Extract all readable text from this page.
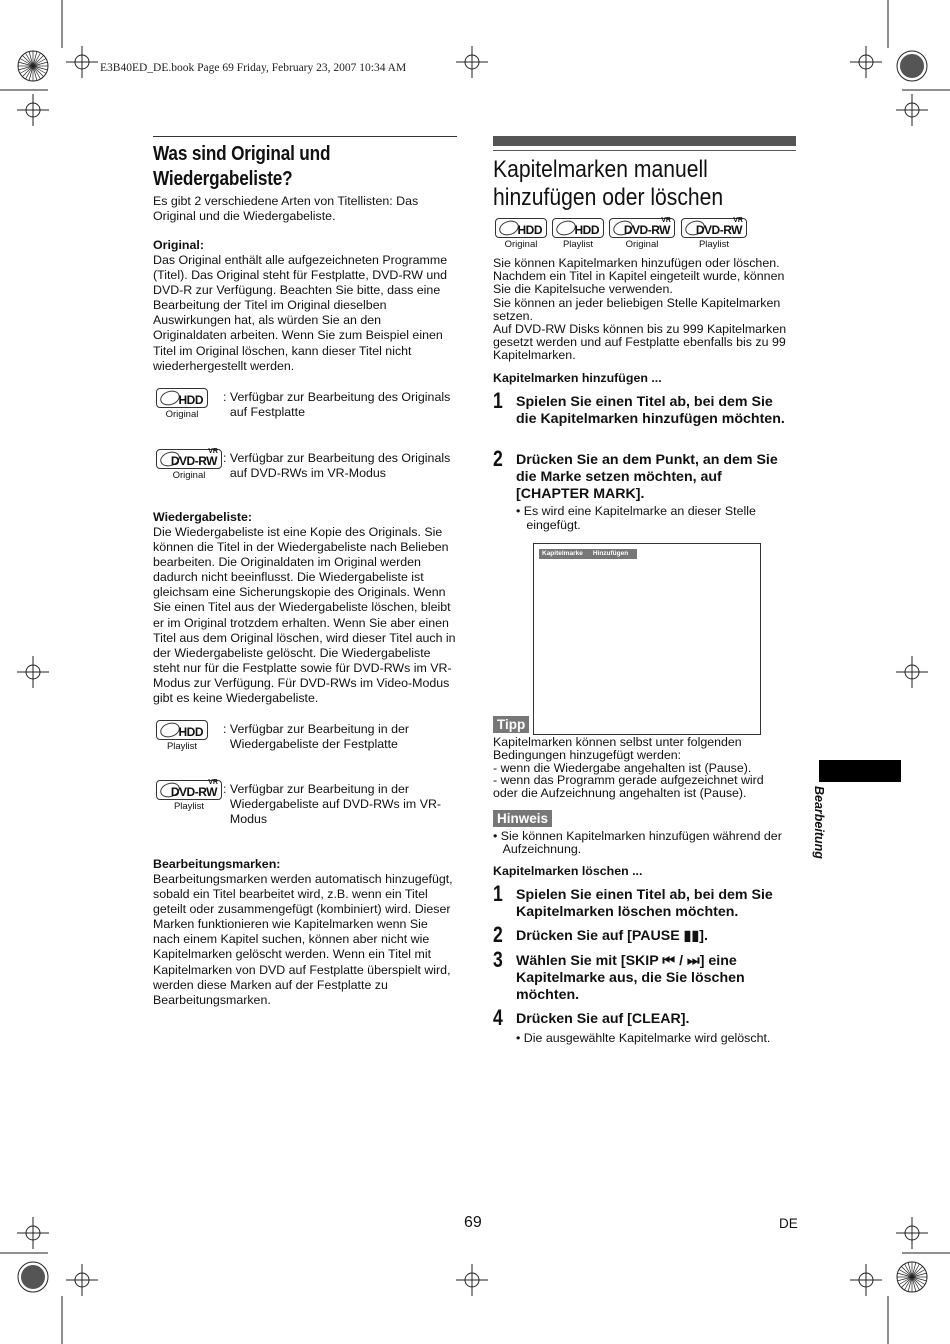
E3B40ED_DE.book Page 69 Friday, February 23, 2007 10:34 AM
Was sind Original und Wiedergabeliste?
Es gibt 2 verschiedene Arten von Titellisten: Das Original und die Wiedergabeliste.
Original:
Das Original enthält alle aufgezeichneten Programme (Titel). Das Original steht für Festplatte, DVD-RW und DVD-R zur Verfügung. Beachten Sie bitte, dass eine Bearbeitung der Titel im Original dieselben Auswirkungen hat, als würden Sie an den Originaldaten arbeiten. Wenn Sie zum Beispiel einen Titel im Original löschen, kann dieser Titel nicht wiederhergestellt werden.
HDD
Original
: Verfügbar zur Bearbeitung des Originals
auf Festplatte
VR
DVD-RW
Original
: Verfügbar zur Bearbeitung des Originals
auf DVD-RWs im VR-Modus
Wiedergabeliste:
Die Wiedergabeliste ist eine Kopie des Originals. Sie können die Titel in der Wiedergabeliste nach Belieben bearbeiten. Die Originaldaten im Original werden dadurch nicht beeinflusst. Die Wiedergabeliste ist gleichsam eine Sicherungskopie des Originals. Wenn Sie einen Titel aus der Wiedergabeliste löschen, bleibt er im Original trotzdem erhalten. Wenn Sie aber einen Titel aus dem Original löschen, wird dieser Titel auch in der Wiedergabeliste gelöscht. Die Wiedergabeliste steht nur für die Festplatte sowie für DVD-RWs im VR-Modus zur Verfügung. Für DVD-RWs im Video-Modus gibt es keine Wiedergabeliste.
HDD
Playlist
: Verfügbar zur Bearbeitung in der
Wiedergabeliste der Festplatte
VR
DVD-RW
Playlist
: Verfügbar zur Bearbeitung in der
Wiedergabeliste auf DVD-RWs im VR-
Modus
Bearbeitungsmarken:
Bearbeitungsmarken werden automatisch hinzugefügt, sobald ein Titel bearbeitet wird, z.B. wenn ein Titel geteilt oder zusammengefügt (kombiniert) wird. Dieser Marken funktionieren wie Kapitelmarken wenn Sie nach einem Kapitel suchen, können aber nicht wie Kapitelmarken gelöscht werden. Wenn ein Titel mit Kapitelmarken von DVD auf Festplatte überspielt wird, werden diese Marken auf der Festplatte zu Bearbeitungsmarken.
Kapitelmarken manuell hinzufügen oder löschen
HDD
Original
HDD
Playlist
VR
DVD-RW
Original
VR
DVD-RW
Playlist
Sie können Kapitelmarken hinzufügen oder löschen. Nachdem ein Titel in Kapitel eingeteilt wurde, können Sie die Kapitelsuche verwenden.
Sie können an jeder beliebigen Stelle Kapitelmarken setzen.
Auf DVD-RW Disks können bis zu 999 Kapitelmarken gesetzt werden und auf Festplatte ebenfalls bis zu 99 Kapitelmarken.
Kapitelmarken hinzufügen ...
1 Spielen Sie einen Titel ab, bei dem Sie die Kapitelmarken hinzufügen möchten.
2 Drücken Sie an dem Punkt, an dem Sie die Marke setzen möchten, auf [CHAPTER MARK].
• Es wird eine Kapitelmarke an dieser Stelle
eingefügt.
Kapitelmarke Hinzufügen
Tipp
Kapitelmarken können selbst unter folgenden Bedingungen hinzugefügt werden:
- wenn die Wiedergabe angehalten ist (Pause).
- wenn das Programm gerade aufgezeichnet wird
oder die Aufzeichnung angehalten ist (Pause).
Hinweis
• Sie können Kapitelmarken hinzufügen während der
Aufzeichnung.
Kapitelmarken löschen ...
1 Spielen Sie einen Titel ab, bei dem Sie Kapitelmarken löschen möchten.
2 Drücken Sie auf [PAUSE ▮▮].
3 Wählen Sie mit [SKIP ⏮ / ⏭] eine Kapitelmarke aus, die Sie löschen möchten.
4 Drücken Sie auf [CLEAR].
• Die ausgewählte Kapitelmarke wird gelöscht.
Bearbeitung
69	DE
